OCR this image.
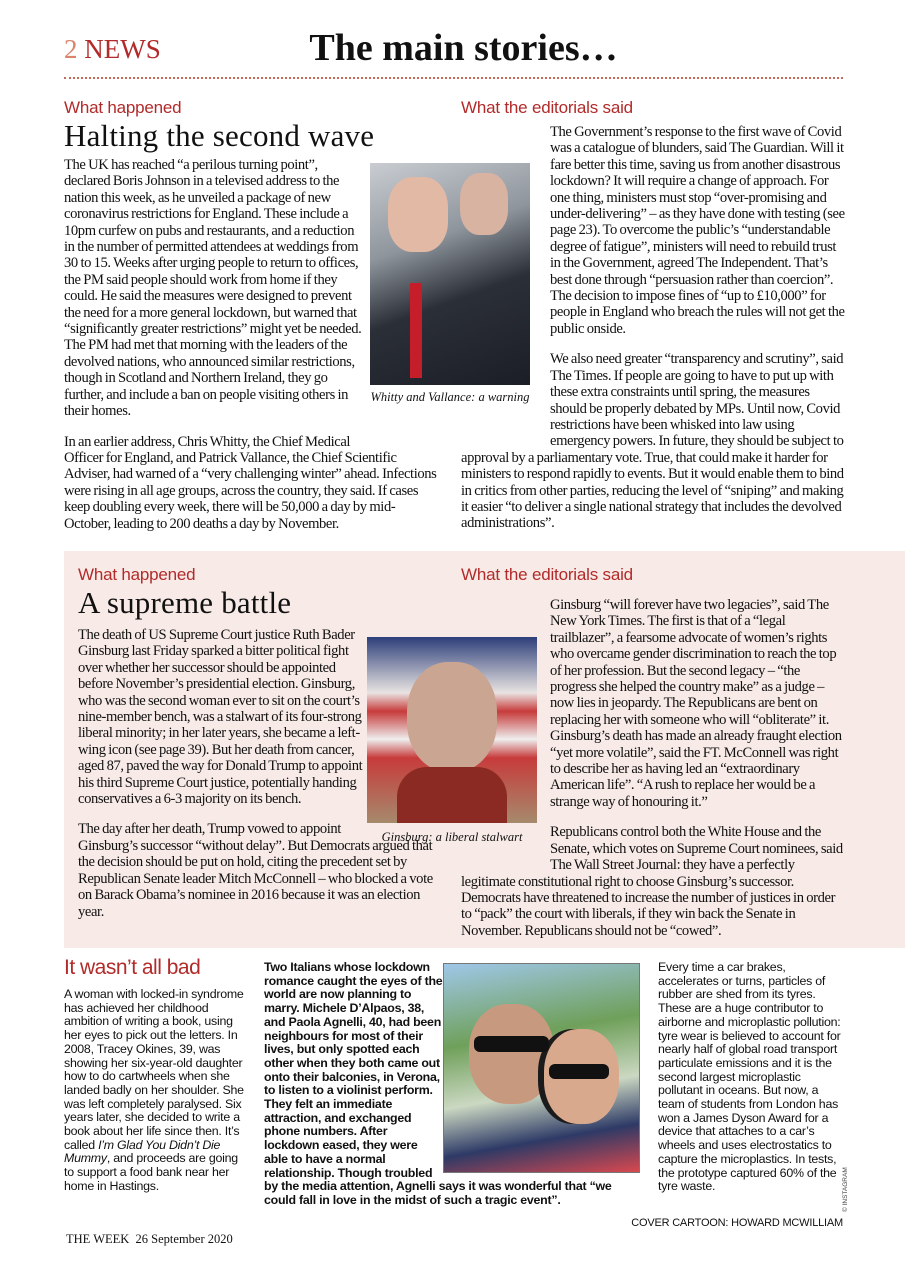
2 NEWS	The main stories…
What happened
Halting the second wave
Whitty and Vallance: a warning

The UK has reached “a perilous turning point”, declared Boris Johnson in a televised address to the nation this week, as he unveiled a package of new coronavirus restrictions for England. These include a 10pm curfew on pubs and restaurants, and a reduction in the number of permitted attendees at weddings from 30 to 15. Weeks after urging people to return to offices, the PM said people should work from home if they could. He said the measures were designed to prevent the need for a more general lockdown, but warned that “significantly greater restrictions” might yet be needed. The PM had met that morning with the leaders of the devolved nations, who announced similar restrictions, though in Scotland and Northern Ireland, they go further, and include a ban on people visiting others in their homes.

In an earlier address, Chris Whitty, the Chief Medical Officer for England, and Patrick Vallance, the Chief Scientific Adviser, had warned of a “very challenging winter” ahead. Infections were rising in all age groups, across the country, they said. If cases keep doubling every week, there will be 50,000 a day by mid-October, leading to 200 deaths a day by November.

What the editorials said

The Government’s response to the first wave of Covid was a catalogue of blunders, said The Guardian. Will it fare better this time, saving us from another disastrous lockdown? It will require a change of approach. For one thing, ministers must stop “over-promising and under-delivering” – as they have done with testing (see page 23). To overcome the public’s “understandable degree of fatigue”, ministers will need to rebuild trust in the Government, agreed The Independent. That’s best done through “persuasion rather than coercion”. The decision to impose fines of “up to £10,000” for people in England who breach the rules will not get the public onside.

We also need greater “transparency and scrutiny”, said The Times. If people are going to have to put up with these extra constraints until spring, the measures should be properly debated by MPs. Until now, Covid restrictions have been whisked into law using emergency powers. In future, they should be subject to approval by a parliamentary vote. True, that could make it harder for ministers to respond rapidly to events. But it would enable them to bind in critics from other parties, reducing the level of “sniping” and making it easier “to deliver a single national strategy that includes the devolved administrations”.

What happened
A supreme battle
Ginsburg: a liberal stalwart

The death of US Supreme Court justice Ruth Bader Ginsburg last Friday sparked a bitter political fight over whether her successor should be appointed before November’s presidential election. Ginsburg, who was the second woman ever to sit on the court’s nine-member bench, was a stalwart of its four-strong liberal minority; in her later years, she became a left-wing icon (see page 39). But her death from cancer, aged 87, paved the way for Donald Trump to appoint his third Supreme Court justice, potentially handing conservatives a 6-3 majority on its bench.

The day after her death, Trump vowed to appoint Ginsburg’s successor “without delay”. But Democrats argued that the decision should be put on hold, citing the precedent set by Republican Senate leader Mitch McConnell – who blocked a vote on Barack Obama’s nominee in 2016 because it was an election year.

What the editorials said

Ginsburg “will forever have two legacies”, said The New York Times. The first is that of a “legal trailblazer”, a fearsome advocate of women’s rights who overcame gender discrimination to reach the top of her profession. But the second legacy – “the progress she helped the country make” as a judge – now lies in jeopardy. The Republicans are bent on replacing her with someone who will “obliterate” it. Ginsburg’s death has made an already fraught election “yet more volatile”, said the FT. McConnell was right to describe her as having led an “extraordinary American life”. “A rush to replace her would be a strange way of honouring it.”

Republicans control both the White House and the Senate, which votes on Supreme Court nominees, said The Wall Street Journal: they have a perfectly legitimate constitutional right to choose Ginsburg’s successor. Democrats have threatened to increase the number of justices in order to “pack” the court with liberals, if they win back the Senate in November. Republicans should not be “cowed”.

It wasn’t all bad
A woman with locked-in syndrome has achieved her childhood ambition of writing a book, using her eyes to pick out the letters. In 2008, Tracey Okines, 39, was showing her six-year-old daughter how to do cartwheels when she landed badly on her shoulder. She was left completely paralysed. Six years later, she decided to write a book about her life since then. It’s called I’m Glad You Didn’t Die Mummy, and proceeds are going to support a food bank near her home in Hastings.
Two Italians whose lockdown romance caught the eyes of the world are now planning to marry. Michele D’Alpaos, 38, and Paola Agnelli, 40, had been neighbours for most of their lives, but only spotted each other when they both came out onto their balconies, in Verona, to listen to a violinist perform. They felt an immediate attraction, and exchanged phone numbers. After lockdown eased, they were able to have a normal relationship. Though troubled by the media attention, Agnelli says it was wonderful that “we could fall in love in the midst of such a tragic event”.
Every time a car brakes, accelerates or turns, particles of rubber are shed from its tyres. These are a huge contributor to airborne and microplastic pollution: tyre wear is believed to account for nearly half of global road transport particulate emissions and it is the second largest microplastic pollutant in oceans. But now, a team of students from London has won a James Dyson Award for a device that attaches to a car’s wheels and uses electrostatics to capture the microplastics. In tests, the prototype captured 60% of the tyre waste.	© INSTAGRAM
COVER CARTOON: HOWARD MCWILLIAM
THE WEEK 26 September 2020
